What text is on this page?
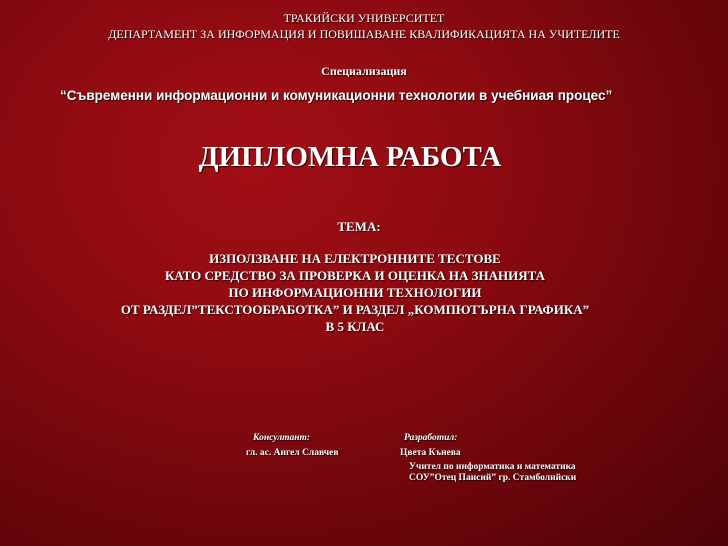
ТРАКИЙСКИ УНИВЕРСИТЕТ
ДЕПАРТАМЕНТ ЗА ИНФОРМАЦИЯ И ПОВИШАВАНЕ КВАЛИФИКАЦИЯТА НА УЧИТЕЛИТЕ
Специализация
“Съвременни информационни и комуникационни технологии в учебниая процес”
ДИПЛОМНА РАБОТА
ТЕМА:
ИЗПОЛЗВАНЕ НА ЕЛЕКТРОННИТЕ ТЕСТОВЕ
КАТО СРЕДСТВО ЗА ПРОВЕРКА И ОЦЕНКА НА ЗНАНИЯТА
ПО ИНФОРМАЦИОННИ ТЕХНОЛОГИИ
ОТ РАЗДЕЛ”ТЕКСТООБРАБОТКА” И РАЗДЕЛ „КОМПЮТЪРНА ГРАФИКА”
В 5 КЛАС
Консултант:
гл. ас. Ангел Славчев
Разработил:
Цвета Кънева
Учител по информатика и математика
СОУ”Отец Паисий” гр. Стамболийски
